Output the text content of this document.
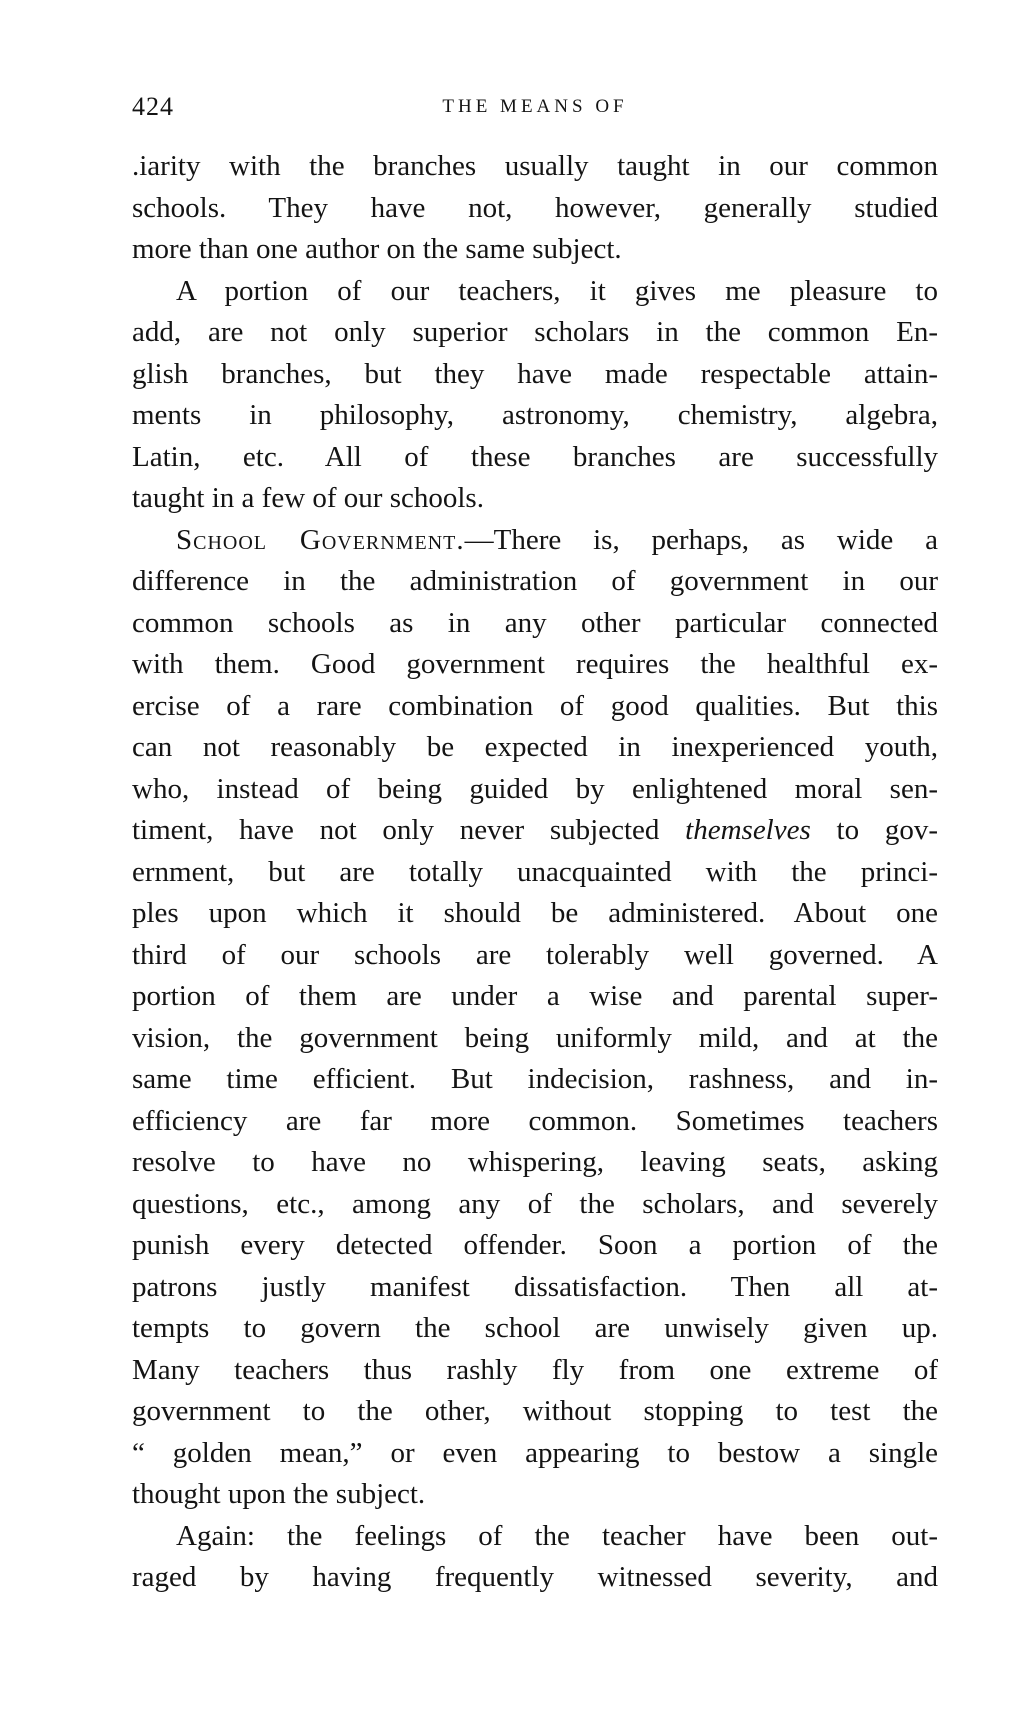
424	THE MEANS OF
.iarity with the branches usually taught in our common
schools. They have not, however, generally studied
more than one author on the same subject.
A portion of our teachers, it gives me pleasure to
add, are not only superior scholars in the common En-
glish branches, but they have made respectable attain-
ments in philosophy, astronomy, chemistry, algebra,
Latin, etc. All of these branches are successfully
taught in a few of our schools.
School Government.—There is, perhaps, as wide a
difference in the administration of government in our
common schools as in any other particular connected
with them. Good government requires the healthful ex-
ercise of a rare combination of good qualities. But this
can not reasonably be expected in inexperienced youth,
who, instead of being guided by enlightened moral sen-
timent, have not only never subjected themselves to gov-
ernment, but are totally unacquainted with the princi-
ples upon which it should be administered. About one
third of our schools are tolerably well governed. A
portion of them are under a wise and parental super-
vision, the government being uniformly mild, and at the
same time efficient. But indecision, rashness, and in-
efficiency are far more common. Sometimes teachers
resolve to have no whispering, leaving seats, asking
questions, etc., among any of the scholars, and severely
punish every detected offender. Soon a portion of the
patrons justly manifest dissatisfaction. Then all at-
tempts to govern the school are unwisely given up.
Many teachers thus rashly fly from one extreme of
government to the other, without stopping to test the
“ golden mean,” or even appearing to bestow a single
thought upon the subject.
Again: the feelings of the teacher have been out-
raged by having frequently witnessed severity, and
